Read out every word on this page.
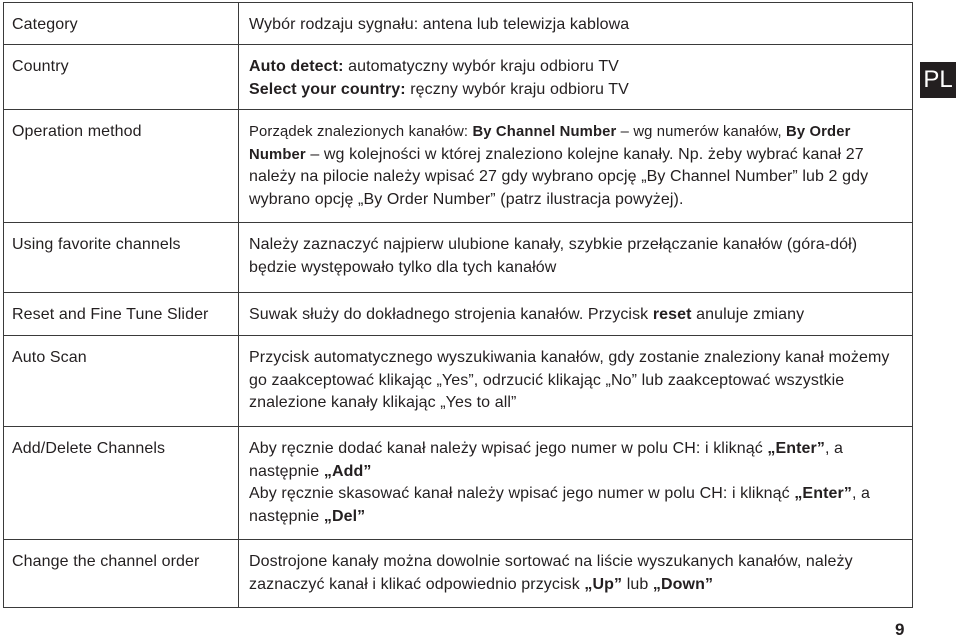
Category	Wybór rodzaju sygnału: antena lub telewizja kablowa
Country	Auto detect: automatyczny wybór kraju odbioru TV
Select your country: ręczny wybór kraju odbioru TV
Operation method	Porządek znalezionych kanałów: By Channel Number – wg numerów kanałów, By Order Number – wg kolejności w której znaleziono kolejne kanały. Np. żeby wybrać kanał 27 należy na pilocie należy wpisać 27 gdy wybrano opcję „By Channel Number” lub 2 gdy wybrano opcję „By Order Number” (patrz ilustracja powyżej).
Using favorite channels	Należy zaznaczyć najpierw ulubione kanały, szybkie przełączanie kanałów (góra-dół) będzie występowało tylko dla tych kanałów
Reset and Fine Tune Slider	Suwak służy do dokładnego strojenia kanałów. Przycisk reset anuluje zmiany
Auto Scan	Przycisk automatycznego wyszukiwania kanałów, gdy zostanie znaleziony kanał możemy go zaakceptować klikając „Yes”, odrzucić klikając „No” lub zaakceptować wszystkie znalezione kanały klikając „Yes to all”
Add/Delete Channels	Aby ręcznie dodać kanał należy wpisać jego numer w polu CH: i kliknąć „Enter”, a następnie „Add”
Aby ręcznie skasować kanał należy wpisać jego numer w polu CH: i kliknąć „Enter”, a następnie „Del”
Change the channel order	Dostrojone kanały można dowolnie sortować na liście wyszukanych kanałów, należy zaznaczyć kanał i klikać odpowiednio przycisk „Up” lub „Down”
PL
9
